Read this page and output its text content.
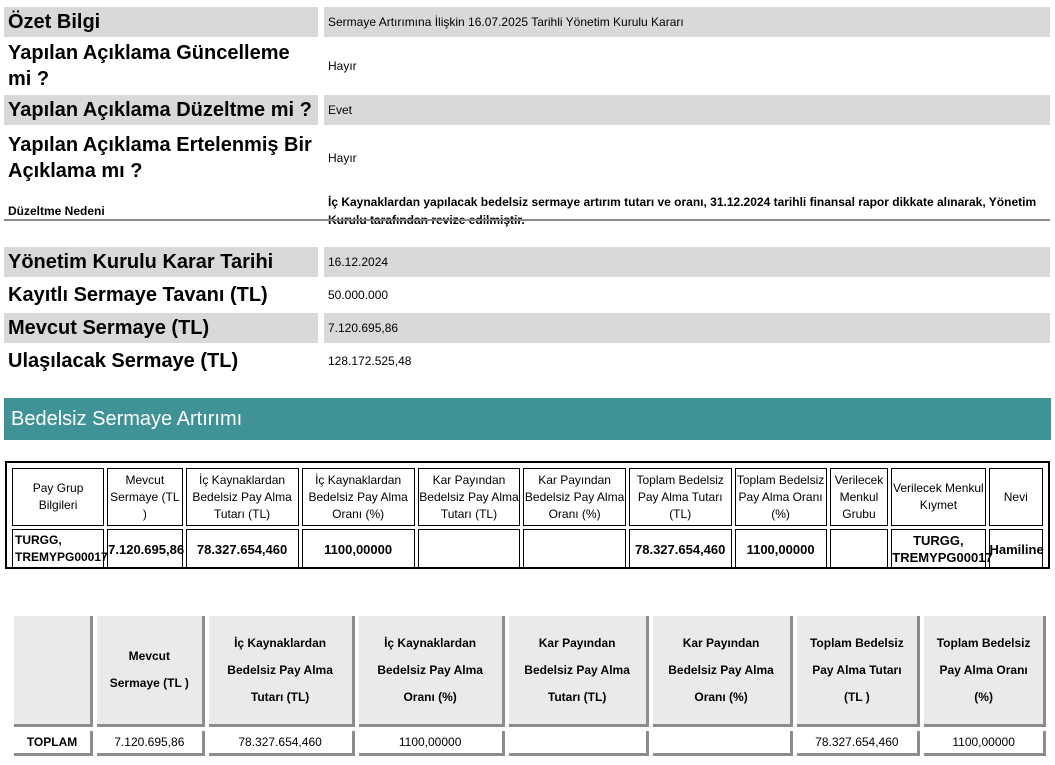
Özet Bilgi		Sermaye Artırımına İlişkin 16.07.2025 Tarihli Yönetim Kurulu Kararı
Yapılan Açıklama Güncelleme mi ?		Hayır
Yapılan Açıklama Düzeltme mi ?		Evet
Yapılan Açıklama Ertelenmiş Bir Açıklama mı ?		Hayır
Düzeltme Nedeni		İç Kaynaklardan yapılacak bedelsiz sermaye artırım tutarı ve oranı, 31.12.2024 tarihli finansal rapor dikkate alınarak, Yönetim Kurulu tarafından revize edilmiştir.
Yönetim Kurulu Karar Tarihi		16.12.2024
Kayıtlı Sermaye Tavanı (TL)		50.000.000
Mevcut Sermaye (TL)		7.120.695,86
Ulaşılacak Sermaye (TL)		128.172.525,48
Bedelsiz Sermaye Artırımı
Pay Grup Bilgileri	Mevcut Sermaye (TL )	İç Kaynaklardan Bedelsiz Pay Alma Tutarı (TL)	İç Kaynaklardan Bedelsiz Pay Alma Oranı (%)	Kar Payından Bedelsiz Pay Alma Tutarı (TL)	Kar Payından Bedelsiz Pay Alma Oranı (%)	Toplam Bedelsiz Pay Alma Tutarı (TL)	Toplam Bedelsiz Pay Alma Oranı (%)	Verilecek Menkul Grubu	Verilecek Menkul Kıymet	Nevi
TURGG, TREMYPG00017	7.120.695,86	78.327.654,460	1100,00000			78.327.654,460	1100,00000		TURGG, TREMYPG00017	Hamiline
	Mevcut Sermaye (TL )	İç Kaynaklardan Bedelsiz Pay Alma Tutarı (TL)	İç Kaynaklardan Bedelsiz Pay Alma Oranı (%)	Kar Payından Bedelsiz Pay Alma Tutarı (TL)	Kar Payından Bedelsiz Pay Alma Oranı (%)	Toplam Bedelsiz Pay Alma Tutarı (TL )	Toplam Bedelsiz Pay Alma Oranı (%)
TOPLAM	7.120.695,86	78.327.654,460	1100,00000			78.327.654,460	1100,00000
